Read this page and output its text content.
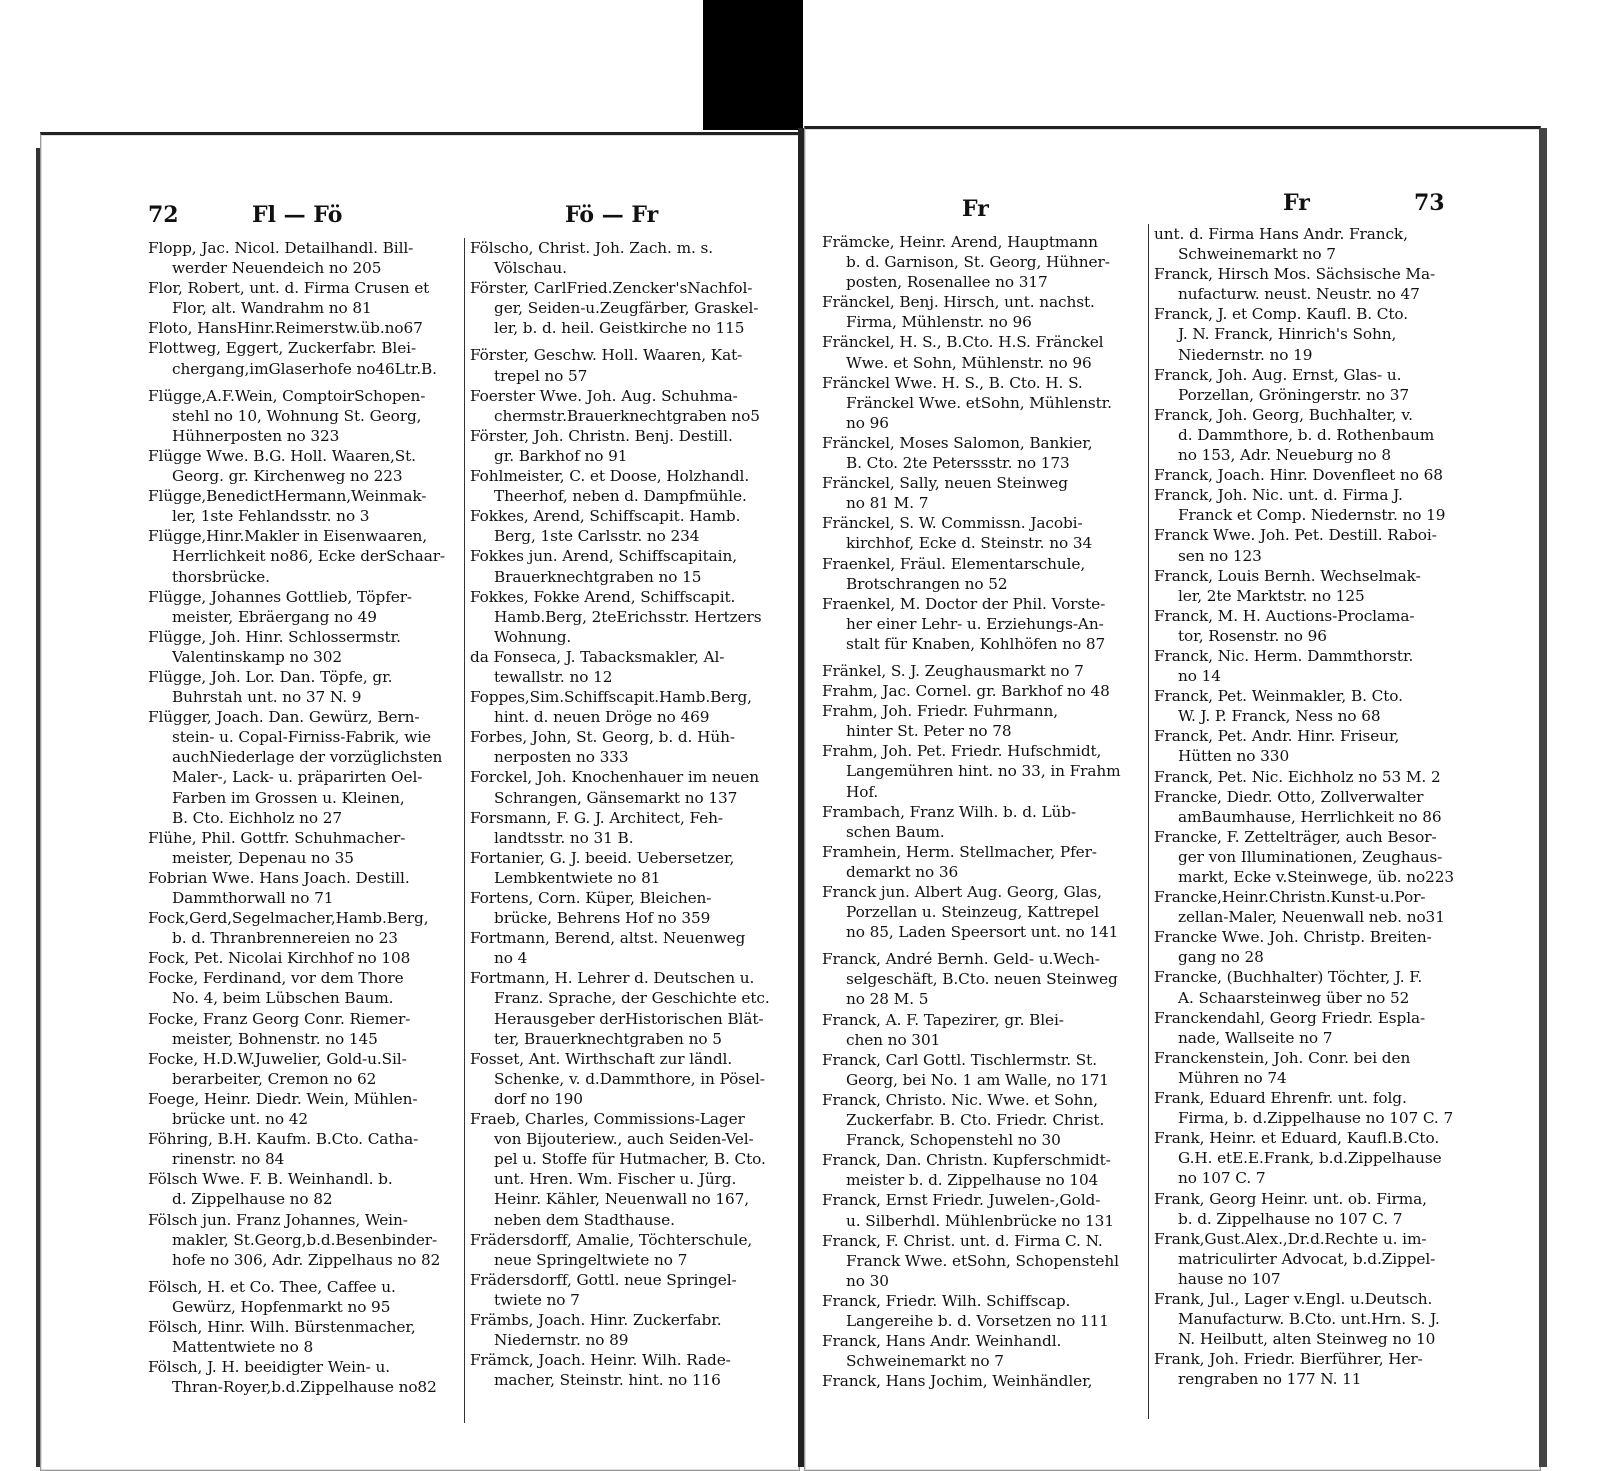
72	Fl — Fö	Fö — Fr	Fr	Fr	73
Flopp, Jac. Nicol. Detailhandl. Bill-
werder Neuendeich no 205
Flor, Robert, unt. d. Firma Crusen et
Flor, alt. Wandrahm no 81
Floto, HansHinr.Reimerstw.üb.no67
Flottweg, Eggert, Zuckerfabr. Blei-
chergang,imGlaserhofe no46Ltr.B.
Flügge,A.F.Wein, ComptoirSchopen-
stehl no 10, Wohnung St. Georg,
Hühnerposten no 323
Flügge Wwe. B.G. Holl. Waaren,St.
Georg. gr. Kirchenweg no 223
Flügge,BenedictHermann,Weinmak-
ler, 1ste Fehlandsstr. no 3
Flügge,Hinr.Makler in Eisenwaaren,
Herrlichkeit no86, Ecke derSchaar-
thorsbrücke.
Flügge, Johannes Gottlieb, Töpfer-
meister, Ebräergang no 49
Flügge, Joh. Hinr. Schlossermstr.
Valentinskamp no 302
Flügge, Joh. Lor. Dan. Töpfe, gr.
Buhrstah unt. no 37 N. 9
Flügger, Joach. Dan. Gewürz, Bern-
stein- u. Copal-Firniss-Fabrik, wie
auchNiederlage der vorzüglichsten
Maler-, Lack- u. präparirten Oel-
Farben im Grossen u. Kleinen,
B. Cto. Eichholz no 27
Flühe, Phil. Gottfr. Schuhmacher-
meister, Depenau no 35
Fobrian Wwe. Hans Joach. Destill.
Dammthorwall no 71
Fock,Gerd,Segelmacher,Hamb.Berg,
b. d. Thranbrennereien no 23
Fock, Pet. Nicolai Kirchhof no 108
Focke, Ferdinand, vor dem Thore
No. 4, beim Lübschen Baum.
Focke, Franz Georg Conr. Riemer-
meister, Bohnenstr. no 145
Focke, H.D.W.Juwelier, Gold-u.Sil-
berarbeiter, Cremon no 62
Foege, Heinr. Diedr. Wein, Mühlen-
brücke unt. no 42
Föhring, B.H. Kaufm. B.Cto. Catha-
rinenstr. no 84
Fölsch Wwe. F. B. Weinhandl. b.
d. Zippelhause no 82
Fölsch jun. Franz Johannes, Wein-
makler, St.Georg,b.d.Besenbinder-
hofe no 306, Adr. Zippelhaus no 82
Fölsch, H. et Co. Thee, Caffee u.
Gewürz, Hopfenmarkt no 95
Fölsch, Hinr. Wilh. Bürstenmacher,
Mattentwiete no 8
Fölsch, J. H. beeidigter Wein- u.
Thran-Royer,b.d.Zippelhause no82
Fölscho, Christ. Joh. Zach. m. s.
Völschau.
Förster, CarlFried.Zencker'sNachfol-
ger, Seiden-u.Zeugfärber, Graskel-
ler, b. d. heil. Geistkirche no 115
Förster, Geschw. Holl. Waaren, Kat-
trepel no 57
Foerster Wwe. Joh. Aug. Schuhma-
chermstr.Brauerknechtgraben no5
Förster, Joh. Christn. Benj. Destill.
gr. Barkhof no 91
Fohlmeister, C. et Doose, Holzhandl.
Theerhof, neben d. Dampfmühle.
Fokkes, Arend, Schiffscapit. Hamb.
Berg, 1ste Carlsstr. no 234
Fokkes jun. Arend, Schiffscapitain,
Brauerknechtgraben no 15
Fokkes, Fokke Arend, Schiffscapit.
Hamb.Berg, 2teErichsstr. Hertzers
Wohnung.
da Fonseca, J. Tabacksmakler, Al-
tewallstr. no 12
Foppes,Sim.Schiffscapit.Hamb.Berg,
hint. d. neuen Dröge no 469
Forbes, John, St. Georg, b. d. Hüh-
nerposten no 333
Forckel, Joh. Knochenhauer im neuen
Schrangen, Gänsemarkt no 137
Forsmann, F. G. J. Architect, Feh-
landtsstr. no 31 B.
Fortanier, G. J. beeid. Uebersetzer,
Lembkentwiete no 81
Fortens, Corn. Küper, Bleichen-
brücke, Behrens Hof no 359
Fortmann, Berend, altst. Neuenweg
no 4
Fortmann, H. Lehrer d. Deutschen u.
Franz. Sprache, der Geschichte etc.
Herausgeber derHistorischen Blät-
ter, Brauerknechtgraben no 5
Fosset, Ant. Wirthschaft zur ländl.
Schenke, v. d.Dammthore, in Pösel-
dorf no 190
Fraeb, Charles, Commissions-Lager
von Bijouteriew., auch Seiden-Vel-
pel u. Stoffe für Hutmacher, B. Cto.
unt. Hren. Wm. Fischer u. Jürg.
Heinr. Kähler, Neuenwall no 167,
neben dem Stadthause.
Frädersdorff, Amalie, Töchterschule,
neue Springeltwiete no 7
Frädersdorff, Gottl. neue Springel-
twiete no 7
Främbs, Joach. Hinr. Zuckerfabr.
Niedernstr. no 89
Främck, Joach. Heinr. Wilh. Rade-
macher, Steinstr. hint. no 116
Främcke, Heinr. Arend, Hauptmann
b. d. Garnison, St. Georg, Hühner-
posten, Rosenallee no 317
Fränckel, Benj. Hirsch, unt. nachst.
Firma, Mühlenstr. no 96
Fränckel, H. S., B.Cto. H.S. Fränckel
Wwe. et Sohn, Mühlenstr. no 96
Fränckel Wwe. H. S., B. Cto. H. S.
Fränckel Wwe. etSohn, Mühlenstr.
no 96
Fränckel, Moses Salomon, Bankier,
B. Cto. 2te Peterssstr. no 173
Fränckel, Sally, neuen Steinweg
no 81 M. 7
Fränckel, S. W. Commissn. Jacobi-
kirchhof, Ecke d. Steinstr. no 34
Fraenkel, Fräul. Elementarschule,
Brotschrangen no 52
Fraenkel, M. Doctor der Phil. Vorste-
her einer Lehr- u. Erziehungs-An-
stalt für Knaben, Kohlhöfen no 87
Fränkel, S. J. Zeughausmarkt no 7
Frahm, Jac. Cornel. gr. Barkhof no 48
Frahm, Joh. Friedr. Fuhrmann,
hinter St. Peter no 78
Frahm, Joh. Pet. Friedr. Hufschmidt,
Langemühren hint. no 33, in Frahm
Hof.
Frambach, Franz Wilh. b. d. Lüb-
schen Baum.
Framhein, Herm. Stellmacher, Pfer-
demarkt no 36
Franck jun. Albert Aug. Georg, Glas,
Porzellan u. Steinzeug, Kattrepel
no 85, Laden Speersort unt. no 141
Franck, André Bernh. Geld- u.Wech-
selgeschäft, B.Cto. neuen Steinweg
no 28 M. 5
Franck, A. F. Tapezirer, gr. Blei-
chen no 301
Franck, Carl Gottl. Tischlermstr. St.
Georg, bei No. 1 am Walle, no 171
Franck, Christo. Nic. Wwe. et Sohn,
Zuckerfabr. B. Cto. Friedr. Christ.
Franck, Schopenstehl no 30
Franck, Dan. Christn. Kupferschmidt-
meister b. d. Zippelhause no 104
Franck, Ernst Friedr. Juwelen-,Gold-
u. Silberhdl. Mühlenbrücke no 131
Franck, F. Christ. unt. d. Firma C. N.
Franck Wwe. etSohn, Schopenstehl
no 30
Franck, Friedr. Wilh. Schiffscap.
Langereihe b. d. Vorsetzen no 111
Franck, Hans Andr. Weinhandl.
Schweinemarkt no 7
Franck, Hans Jochim, Weinhändler,
unt. d. Firma Hans Andr. Franck,
Schweinemarkt no 7
Franck, Hirsch Mos. Sächsische Ma-
nufacturw. neust. Neustr. no 47
Franck, J. et Comp. Kaufl. B. Cto.
J. N. Franck, Hinrich's Sohn,
Niedernstr. no 19
Franck, Joh. Aug. Ernst, Glas- u.
Porzellan, Gröningerstr. no 37
Franck, Joh. Georg, Buchhalter, v.
d. Dammthore, b. d. Rothenbaum
no 153, Adr. Neueburg no 8
Franck, Joach. Hinr. Dovenfleet no 68
Franck, Joh. Nic. unt. d. Firma J.
Franck et Comp. Niedernstr. no 19
Franck Wwe. Joh. Pet. Destill. Raboi-
sen no 123
Franck, Louis Bernh. Wechselmak-
ler, 2te Marktstr. no 125
Franck, M. H. Auctions-Proclama-
tor, Rosenstr. no 96
Franck, Nic. Herm. Dammthorstr.
no 14
Franck, Pet. Weinmakler, B. Cto.
W. J. P. Franck, Ness no 68
Franck, Pet. Andr. Hinr. Friseur,
Hütten no 330
Franck, Pet. Nic. Eichholz no 53 M. 2
Francke, Diedr. Otto, Zollverwalter
amBaumhause, Herrlichkeit no 86
Francke, F. Zettelträger, auch Besor-
ger von Illuminationen, Zeughaus-
markt, Ecke v.Steinwege, üb. no223
Francke,Heinr.Christn.Kunst-u.Por-
zellan-Maler, Neuenwall neb. no31
Francke Wwe. Joh. Christp. Breiten-
gang no 28
Francke, (Buchhalter) Töchter, J. F.
A. Schaarsteinweg über no 52
Franckendahl, Georg Friedr. Espla-
nade, Wallseite no 7
Franckenstein, Joh. Conr. bei den
Mühren no 74
Frank, Eduard Ehrenfr. unt. folg.
Firma, b. d.Zippelhause no 107 C. 7
Frank, Heinr. et Eduard, Kaufl.B.Cto.
G.H. etE.E.Frank, b.d.Zippelhause
no 107 C. 7
Frank, Georg Heinr. unt. ob. Firma,
b. d. Zippelhause no 107 C. 7
Frank,Gust.Alex.,Dr.d.Rechte u. im-
matriculirter Advocat, b.d.Zippel-
hause no 107
Frank, Jul., Lager v.Engl. u.Deutsch.
Manufacturw. B.Cto. unt.Hrn. S. J.
N. Heilbutt, alten Steinweg no 10
Frank, Joh. Friedr. Bierführer, Her-
rengraben no 177 N. 11
